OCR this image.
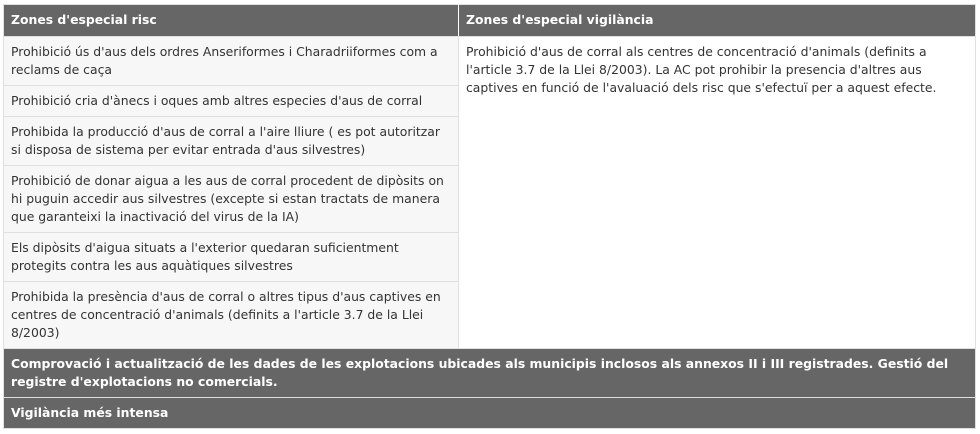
Zones d'especial risc	Zones d'especial vigilància
Prohibició ús d'aus dels ordres Anseriformes i Charadriiformes com a reclams de caça	Prohibició d'aus de corral als centres de concentració d'animals (definits a l'article 3.7 de la Llei 8/2003). La AC pot prohibir la presencia d'altres aus captives en funció de l'avaluació dels risc que s'efectuï per a aquest efecte.
Prohibició cria d'ànecs i oques amb altres especies d'aus de corral	
Prohibida la producció d'aus de corral a l'aire lliure ( es pot autoritzar si disposa de sistema per evitar entrada d'aus silvestres)	
Prohibició de donar aigua a les aus de corral procedent de dipòsits on hi puguin accedir aus silvestres (excepte si estan tractats de manera que garanteixi la inactivació del virus de la IA)	
Els dipòsits d'aigua situats a l'exterior quedaran suficientment protegits contra les aus aquàtiques silvestres	
Prohibida la presència d'aus de corral o altres tipus d'aus captives en centres de concentració d'animals (definits a l'article 3.7 de la Llei 8/2003)	
Comprovació i actualització de les dades de les explotacions ubicades als municipis inclosos als annexos II i III registrades. Gestió del registre d'explotacions no comercials.	
Vigilància més intensa	
